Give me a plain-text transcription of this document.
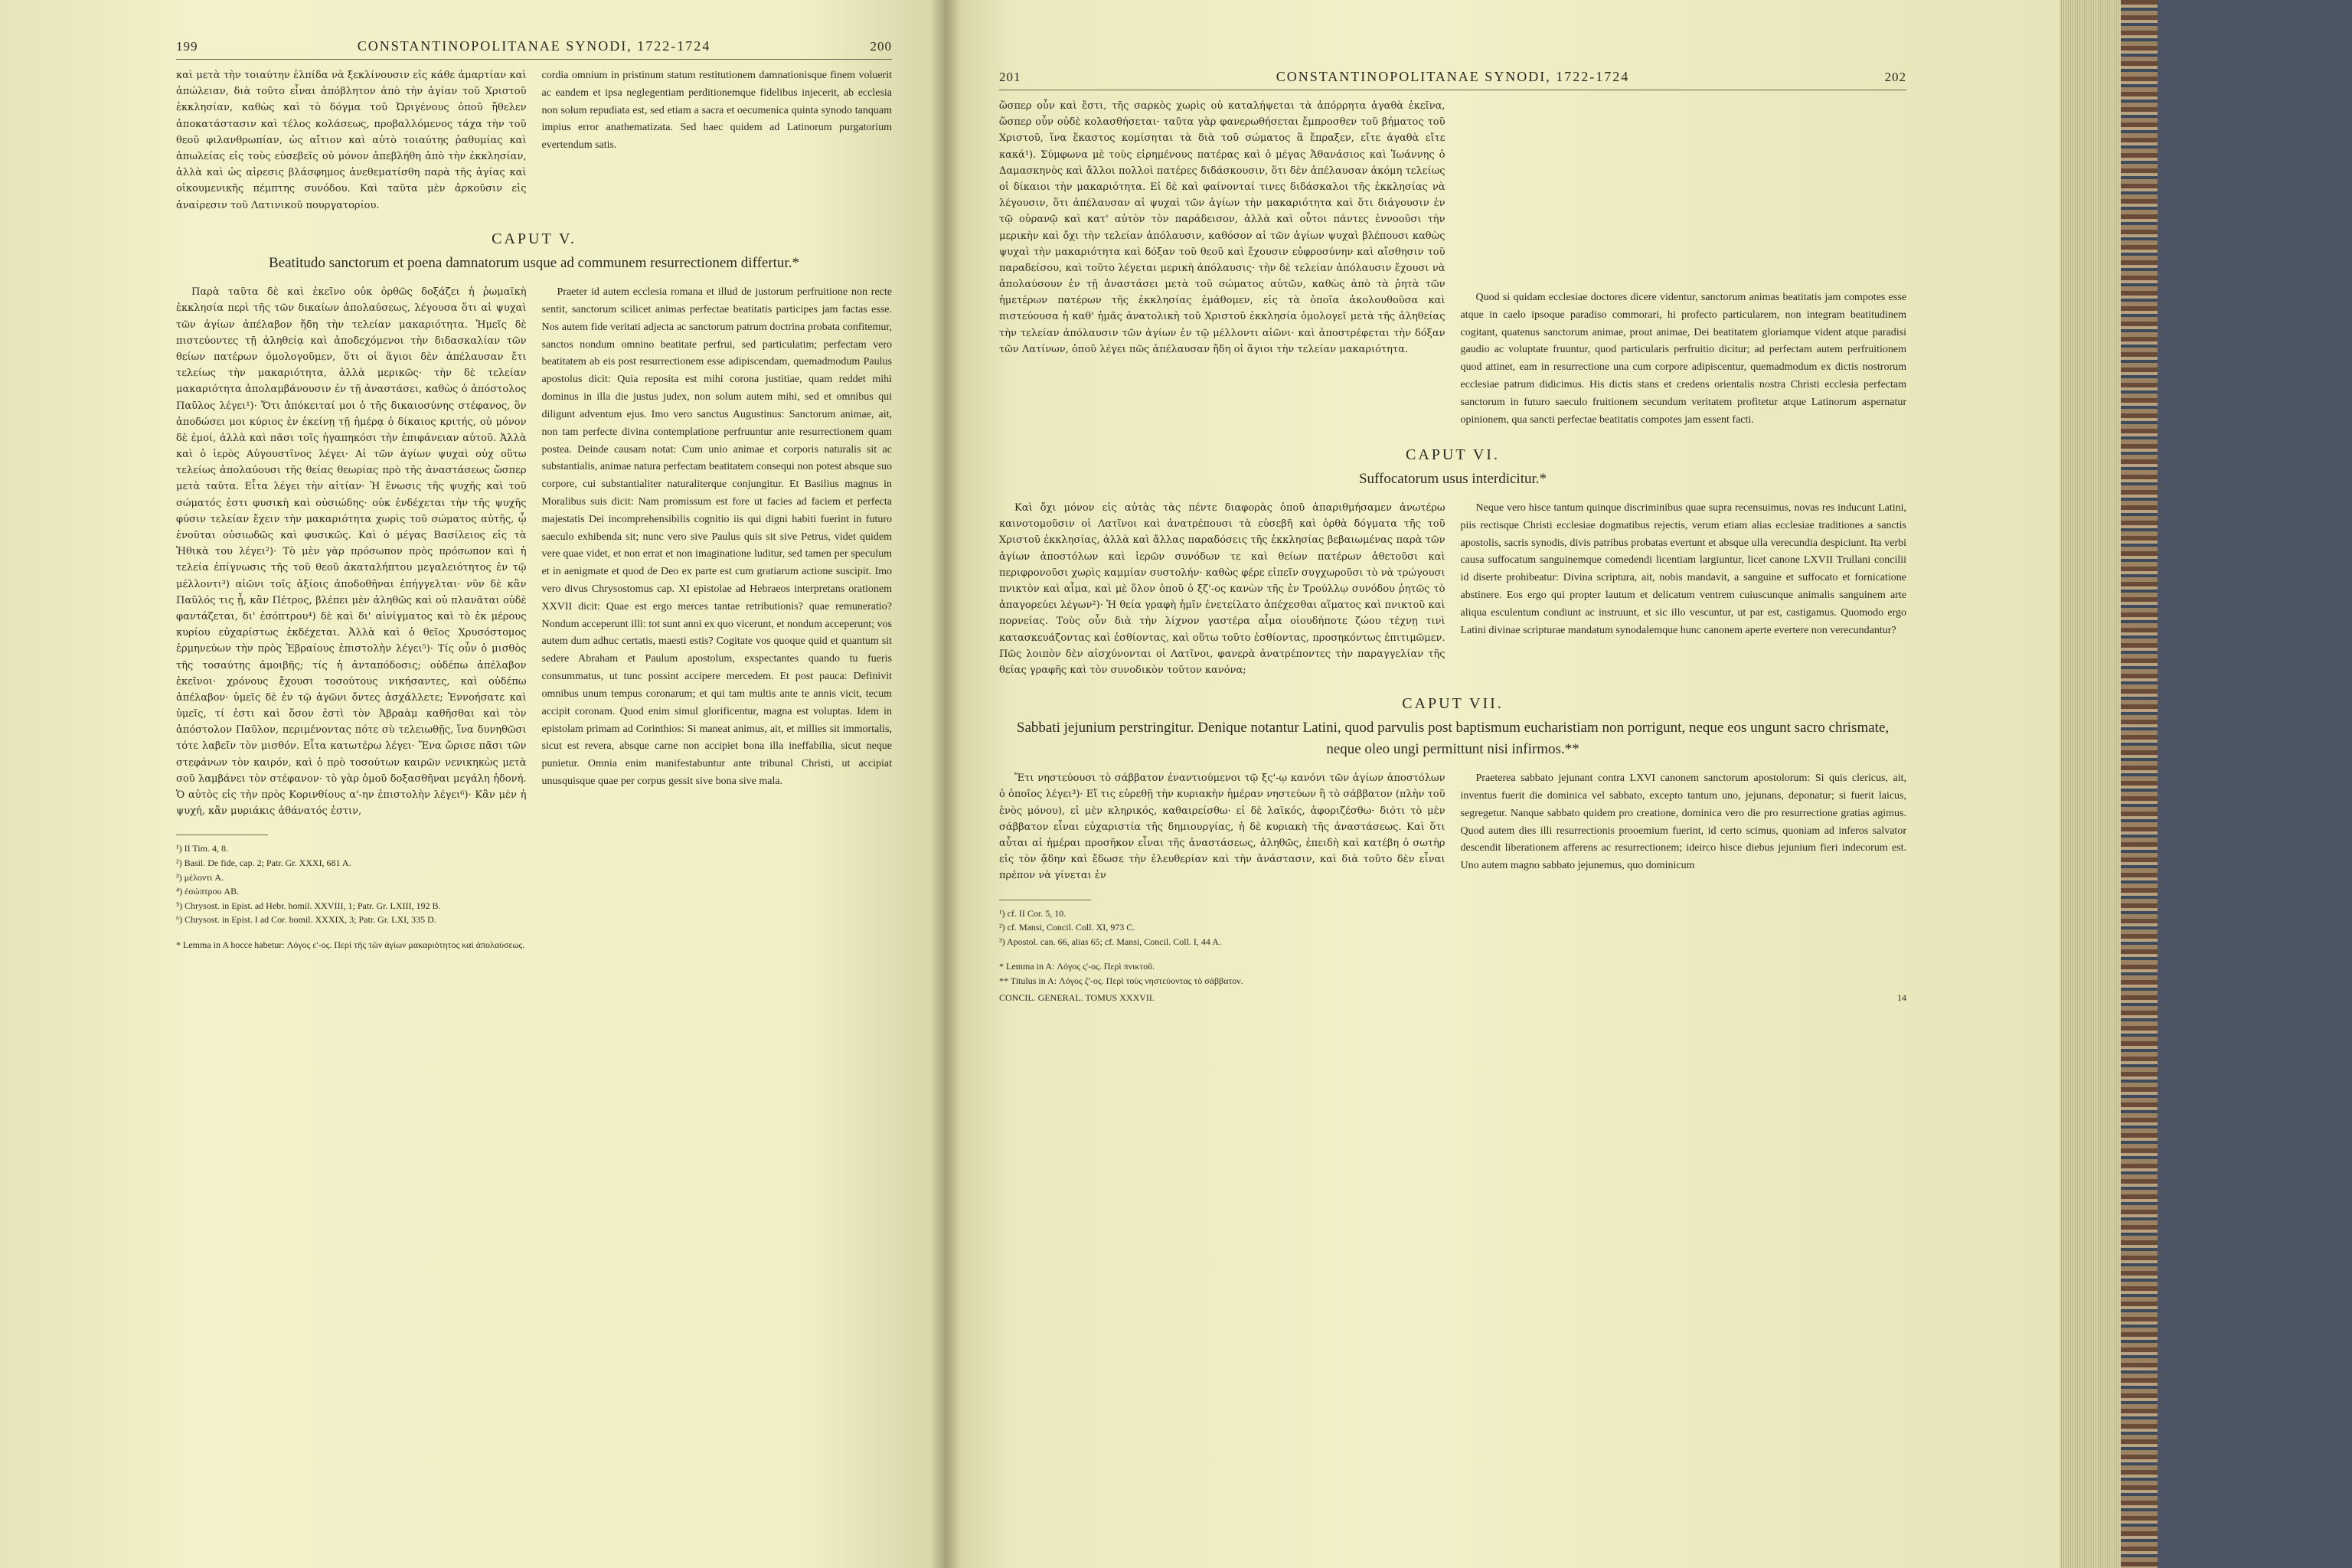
199	CONSTANTINOPOLITANAE SYNODI, 1722-1724	200

καὶ μετὰ τὴν τοιαύτην ἐλπίδα νὰ ξεκλίνουσιν εἰς κάθε ἁμαρτίαν καὶ ἀπώλειαν, διὰ τοῦτο εἶναι ἀπόβλητον ἀπὸ τὴν ἁγίαν τοῦ Χριστοῦ ἐκκλησίαν, καθὼς καὶ τὸ δόγμα τοῦ Ὠριγένους ὁποῦ ἤθελεν ἀποκατάστασιν καὶ τέλος κολάσεως, προβαλλόμενος τάχα τὴν τοῦ θεοῦ φιλανθρωπίαν, ὡς αἴτιον καὶ αὐτὸ τοιαύτης ῥαθυμίας καὶ ἀπωλείας εἰς τοὺς εὐσεβεῖς οὐ μόνον ἀπεβλήθη ἀπὸ τὴν ἐκκλησίαν, ἀλλὰ καὶ ὡς αἱρεσις βλάσφημος ἀνεθεματίσθη παρὰ τῆς ἁγίας καὶ οἰκουμενικῆς πέμπτης συνόδου. Καὶ ταῦτα μὲν ἀρκοῦσιν εἰς ἀναίρεσιν τοῦ Λατινικοῦ πουργατορίου.

cordia omnium in pristinum statum restitutionem damnationisque finem voluerit ac eandem et ipsa neglegentiam perditionemque fidelibus injecerit, ab ecclesia non solum repudiata est, sed etiam a sacra et oecumenica quinta synodo tanquam impius error anathematizata. Sed haec quidem ad Latinorum purgatorium evertendum satis.

CAPUT V.
Beatitudo sanctorum et poena damnatorum usque ad communem resurrectionem differtur.*

Παρὰ ταῦτα δὲ καὶ ἐκεῖνο οὐκ ὀρθῶς δοξάζει ἡ ῥωμαϊκὴ ἐκκλησία περὶ τῆς τῶν δικαίων ἀπολαύσεως, λέγουσα ὅτι αἱ ψυχαὶ τῶν ἁγίων ἀπέλαβον ἤδη τὴν τελείαν μακαριότητα. Ἡμεῖς δὲ πιστεύοντες τῇ ἀληθείᾳ καὶ ἀποδεχόμενοι τὴν διδασκαλίαν τῶν θείων πατέρων ὁμολογοῦμεν, ὅτι οἱ ἅγιοι δὲν ἀπέλαυσαν ἔτι τελείως τὴν μακαριότητα, ἀλλὰ μερικῶς· τὴν δὲ τελείαν μακαριότητα ἀπολαμβάνουσιν ἐν τῇ ἀναστάσει, καθὼς ὁ ἀπόστολος Παῦλος λέγει¹)· Ὅτι ἀπόκειταί μοι ὁ τῆς δικαιοσύνης στέφανος, ὃν ἀποδώσει μοι κύριος ἐν ἐκείνῃ τῇ ἡμέρᾳ ὁ δίκαιος κριτής, οὐ μόνον δὲ ἐμοί, ἀλλὰ καὶ πᾶσι τοῖς ἠγαπηκόσι τὴν ἐπιφάνειαν αὐτοῦ. Ἀλλὰ καὶ ὁ ἱερὸς Αὐγουστῖνος λέγει· Αἱ τῶν ἁγίων ψυχαὶ οὐχ οὕτω τελείως ἀπολαύουσι τῆς θείας θεωρίας πρὸ τῆς ἀναστάσεως ὥσπερ μετὰ ταῦτα. Εἶτα λέγει τὴν αἰτίαν· Ἡ ἕνωσις τῆς ψυχῆς καὶ τοῦ σώματός ἐστι φυσικὴ καὶ οὐσιώδης· οὐκ ἐνδέχεται τὴν τῆς ψυχῆς φύσιν τελείαν ἔχειν τὴν μακαριότητα χωρὶς τοῦ σώματος αὐτῆς, ᾧ ἑνοῦται οὐσιωδῶς καὶ φυσικῶς. Καὶ ὁ μέγας Βασίλειος εἰς τὰ Ἠθικὰ του λέγει²)· Τὸ μὲν γὰρ πρόσωπον πρὸς πρόσωπον καὶ ἡ τελεία ἐπίγνωσις τῆς τοῦ θεοῦ ἀκαταλήπτου μεγαλειότητος ἐν τῷ μέλλοντι³) αἰῶνι τοῖς ἀξίοις ἀποδοθῆναι ἐπήγγελται· νῦν δὲ κἂν Παῦλός τις ᾖ, κἂν Πέτρος, βλέπει μὲν ἀληθῶς καὶ οὐ πλανᾶται οὐδὲ φαντάζεται, δι' ἐσόπτρου⁴) δὲ καὶ δι' αἰνίγματος καὶ τὸ ἐκ μέρους κυρίου εὐχαρίστως ἐκδέχεται. Ἀλλὰ καὶ ὁ θεῖος Χρυσόστομος ἑρμηνεύων τὴν πρὸς Ἑβραίους ἐπιστολὴν λέγει⁵)· Τίς οὖν ὁ μισθὸς τῆς τοσαύτης ἀμοιβῆς; τίς ἡ ἀνταπόδοσις; οὐδέπω ἀπέλαβον ἐκεῖνοι· χρόνους ἔχουσι τοσούτους νικήσαντες, καὶ οὐδέπω ἀπέλαβον· ὑμεῖς δὲ ἐν τῷ ἀγῶνι ὄντες ἀσχάλλετε; Ἐννοήσατε καὶ ὑμεῖς, τί ἐστι καὶ ὅσον ἐστὶ τὸν Ἀβραὰμ καθῆσθαι καὶ τὸν ἀπόστολον Παῦλον, περιμένοντας πότε σὺ τελειωθῇς, ἵνα δυνηθῶσι τότε λαβεῖν τὸν μισθόν. Εἶτα κατωτέρω λέγει· Ἕνα ὥρισε πᾶσι τῶν στεφάνων τὸν καιρόν, καὶ ὁ πρὸ τοσούτων καιρῶν νενικηκὼς μετὰ σοῦ λαμβάνει τὸν στέφανον· τὸ γὰρ ὁμοῦ δοξασθῆναι μεγάλη ἡδονή. Ὁ αὐτὸς εἰς τὴν πρὸς Κορινθίους α'-ην ἐπιστολὴν λέγει⁶)· Κἂν μὲν ἡ ψυχή, κἂν μυριάκις ἀθάνατός ἐστιν,

Praeter id autem ecclesia romana et illud de justorum perfruitione non recte sentit, sanctorum scilicet animas perfectae beatitatis participes jam factas esse. Nos autem fide veritati adjecta ac sanctorum patrum doctrina probata confitemur, sanctos nondum omnino beatitate perfrui, sed particulatim; perfectam vero beatitatem ab eis post resurrectionem esse adipiscendam, quemadmodum Paulus apostolus dicit: Quia reposita est mihi corona justitiae, quam reddet mihi dominus in illa die justus judex, non solum autem mihi, sed et omnibus qui diligunt adventum ejus. Imo vero sanctus Augustinus: Sanctorum animae, ait, non tam perfecte divina contemplatione perfruuntur ante resurrectionem quam postea. Deinde causam notat: Cum unio animae et corporis naturalis sit ac substantialis, animae natura perfectam beatitatem consequi non potest absque suo corpore, cui substantialiter naturaliterque conjungitur. Et Basilius magnus in Moralibus suis dicit: Nam promissum est fore ut facies ad faciem et perfecta majestatis Dei incomprehensibilis cognitio iis qui digni habiti fuerint in futuro saeculo exhibenda sit; nunc vero sive Paulus quis sit sive Petrus, videt quidem vere quae videt, et non errat et non imaginatione luditur, sed tamen per speculum et in aenigmate et quod de Deo ex parte est cum gratiarum actione suscipit. Imo vero divus Chrysostomus cap. XI epistolae ad Hebraeos interpretans orationem XXVII dicit: Quae est ergo merces tantae retributionis? quae remuneratio? Nondum acceperunt illi: tot sunt anni ex quo vicerunt, et nondum acceperunt; vos autem dum adhuc certatis, maesti estis? Cogitate vos quoque quid et quantum sit sedere Abraham et Paulum apostolum, exspectantes quando tu fueris consummatus, ut tunc possint accipere mercedem. Et post pauca: Definivit omnibus unum tempus coronarum; et qui tam multis ante te annis vicit, tecum accipit coronam. Quod enim simul glorificentur, magna est voluptas. Idem in epistolam primam ad Corinthios: Si maneat animus, ait, et millies sit immortalis, sicut est revera, absque carne non accipiet bona illa ineffabilia, sicut neque punietur. Omnia enim manifestabuntur ante tribunal Christi, ut accipiat unusquisque quae per corpus gessit sive bona sive mala.

¹) II Tim. 4, 8.
²) Basil. De fide, cap. 2; Patr. Gr. XXXI, 681 A.
³) μέλοντι A.
⁴) ἐσώπτρου AB.
⁵) Chrysost. in Epist. ad Hebr. homil. XXVIII, 1; Patr. Gr. LXIII, 192 B.
⁶) Chrysost. in Epist. I ad Cor. homil. XXXIX, 3; Patr. Gr. LXI, 335 D.
* Lemma in A hocce habetur: Λόγος ε'-ος. Περὶ τῆς τῶν ἁγίων μακαριότητος καὶ ἀπολαύσεως.
201	CONSTANTINOPOLITANAE SYNODI, 1722-1724	202

ὥσπερ οὖν καὶ ἔστι, τῆς σαρκὸς χωρὶς οὐ καταλήψεται τὰ ἀπόρρητα ἀγαθὰ ἐκεῖνα, ὥσπερ οὖν οὐδὲ κολασθήσεται· ταῦτα γὰρ φανερωθήσεται ἔμπροσθεν τοῦ βήματος τοῦ Χριστοῦ, ἵνα ἕκαστος κομίσηται τὰ διὰ τοῦ σώματος ἃ ἔπραξεν, εἴτε ἀγαθὰ εἴτε κακά¹). Σύμφωνα μὲ τοὺς εἰρημένους πατέρας καὶ ὁ μέγας Ἀθανάσιος καὶ Ἰωάννης ὁ Δαμασκηνὸς καὶ ἄλλοι πολλοὶ πατέρες διδάσκουσιν, ὅτι δὲν ἀπέλαυσαν ἀκόμη τελείως οἱ δίκαιοι τὴν μακαριότητα. Εἰ δὲ καὶ φαίνονταί τινες διδάσκαλοι τῆς ἐκκλησίας νὰ λέγουσιν, ὅτι ἀπέλαυσαν αἱ ψυχαὶ τῶν ἁγίων τὴν μακαριότητα καὶ ὅτι διάγουσιν ἐν τῷ οὐρανῷ καὶ κατ' αὐτὸν τὸν παράδεισον, ἀλλὰ καὶ οὗτοι πάντες ἐννοοῦσι τὴν μερικὴν καὶ ὄχι τὴν τελείαν ἀπόλαυσιν, καθόσον αἱ τῶν ἁγίων ψυχαὶ βλέπουσι καθὼς ψυχαὶ τὴν μακαριότητα καὶ δόξαν τοῦ θεοῦ καὶ ἔχουσιν εὐφροσύνην καὶ αἴσθησιν τοῦ παραδείσου, καὶ τοῦτο λέγεται μερικὴ ἀπόλαυσις· τὴν δὲ τελείαν ἀπόλαυσιν ἔχουσι νὰ ἀπολαύσουν ἐν τῇ ἀναστάσει μετὰ τοῦ σώματος αὐτῶν, καθὼς ἀπὸ τὰ ῥητὰ τῶν ἡμετέρων πατέρων τῆς ἐκκλησίας ἐμάθομεν, εἰς τὰ ὁποῖα ἀκολουθοῦσα καὶ πιστεύουσα ἡ καθ' ἡμᾶς ἀνατολικὴ τοῦ Χριστοῦ ἐκκλησία ὁμολογεῖ μετὰ τῆς ἀληθείας τὴν τελείαν ἀπόλαυσιν τῶν ἁγίων ἐν τῷ μέλλοντι αἰῶνι· καὶ ἀποστρέφεται τὴν δόξαν τῶν Λατίνων, ὁποῦ λέγει πῶς ἀπέλαυσαν ἤδη οἱ ἅγιοι τὴν τελείαν μακαριότητα.

Quod si quidam ecclesiae doctores dicere videntur, sanctorum animas beatitatis jam compotes esse atque in caelo ipsoque paradiso commorari, hi profecto particularem, non integram beatitudinem cogitant, quatenus sanctorum animae, prout animae, Dei beatitatem gloriamque vident atque paradisi gaudio ac voluptate fruuntur, quod particularis perfruitio dicitur; ad perfectam autem perfruitionem quod attinet, eam in resurrectione una cum corpore adipiscentur, quemadmodum ex dictis nostrorum ecclesiae patrum didicimus. His dictis stans et credens orientalis nostra Christi ecclesia perfectam sanctorum in futuro saeculo fruitionem secundum veritatem profitetur atque Latinorum aspernatur opinionem, qua sancti perfectae beatitatis compotes jam essent facti.

CAPUT VI.
Suffocatorum usus interdicitur.*

Καὶ ὄχι μόνον εἰς αὐτὰς τὰς πέντε διαφορὰς ὁποῦ ἀπαριθμήσαμεν ἀνωτέρω καινοτομοῦσιν οἱ Λατῖνοι καὶ ἀνατρέπουσι τὰ εὐσεβῆ καὶ ὀρθὰ δόγματα τῆς τοῦ Χριστοῦ ἐκκλησίας, ἀλλὰ καὶ ἄλλας παραδόσεις τῆς ἐκκλησίας βεβαιωμένας παρὰ τῶν ἁγίων ἀποστόλων καὶ ἱερῶν συνόδων τε καὶ θείων πατέρων ἀθετοῦσι καὶ περιφρονοῦσι χωρὶς καμμίαν συστολήν· καθὼς φέρε εἰπεῖν συγχωροῦσι τὸ νὰ τρώγουσι πνικτὸν καὶ αἷμα, καὶ μὲ ὅλον ὁποῦ ὁ ξζ'-ος κανὼν τῆς ἐν Τρούλλῳ συνόδου ῥητῶς τὸ ἀπαγορεύει λέγων²)· Ἡ θεία γραφὴ ἡμῖν ἐνετείλατο ἀπέχεσθαι αἵματος καὶ πνικτοῦ καὶ πορνείας. Τοὺς οὖν διὰ τὴν λίχνον γαστέρα αἷμα οἱουδήποτε ζώου τέχνῃ τινὶ κατασκευάζοντας καὶ ἐσθίοντας, καὶ οὕτω τοῦτο ἐσθίοντας, προσηκόντως ἐπιτιμῶμεν. Πῶς λοιπὸν δὲν αἰσχύνονται οἱ Λατῖνοι, φανερὰ ἀνατρέποντες τὴν παραγγελίαν τῆς θείας γραφῆς καὶ τὸν συνοδικὸν τοῦτον κανόνα;

Neque vero hisce tantum quinque discriminibus quae supra recensuimus, novas res inducunt Latini, piis rectisque Christi ecclesiae dogmatibus rejectis, verum etiam alias ecclesiae traditiones a sanctis apostolis, sacris synodis, divis patribus probatas evertunt et absque ulla verecundia despiciunt. Ita verbi causa suffocatum sanguinemque comedendi licentiam largiuntur, licet canone LXVII Trullani concilii id diserte prohibeatur: Divina scriptura, ait, nobis mandavit, a sanguine et suffocato et fornicatione abstinere. Eos ergo qui propter lautum et delicatum ventrem cuiuscunque animalis sanguinem arte aliqua esculentum condiunt ac instruunt, et sic illo vescuntur, ut par est, castigamus. Quomodo ergo Latini divinae scripturae mandatum synodalemque hunc canonem aperte evertere non verecundantur?

CAPUT VII.
Sabbati jejunium perstringitur. Denique notantur Latini, quod parvulis post baptismum eucharistiam non porrigunt, neque eos ungunt sacro chrismate, neque oleo ungi permittunt nisi infirmos.**

Ἔτι νηστεύουσι τὸ σάββατον ἐναντιούμενοι τῷ ξς'-ῳ κανόνι τῶν ἁγίων ἀποστόλων ὁ ὁποῖος λέγει³)· Εἴ τις εὑρεθῇ τὴν κυριακὴν ἡμέραν νηστεύων ἢ τὸ σάββατον (πλὴν τοῦ ἑνὸς μόνου), εἰ μὲν κληρικός, καθαιρείσθω· εἰ δὲ λαϊκός, ἀφοριζέσθω· διότι τὸ μὲν σάββατον εἶναι εὐχαριστία τῆς δημιουργίας, ἡ δὲ κυριακὴ τῆς ἀναστάσεως. Καὶ ὅτι αὗται αἱ ἡμέραι προσῆκον εἶναι τῆς ἀναστάσεως, ἀληθῶς, ἐπειδὴ καὶ κατέβη ὁ σωτὴρ εἰς τὸν ᾅδην καὶ ἔδωσε τὴν ἐλευθερίαν καὶ τὴν ἀνάστασιν, καὶ διὰ τοῦτο δὲν εἶναι πρέπον νὰ γίνεται ἐν

Praeterea sabbato jejunant contra LXVI canonem sanctorum apostolorum: Si quis clericus, ait, inventus fuerit die dominica vel sabbato, excepto tantum uno, jejunans, deponatur; si fuerit laicus, segregetur. Nanque sabbato quidem pro creatione, dominica vero die pro resurrectione gratias agimus. Quod autem dies illi resurrectionis prooemium fuerint, id certo scimus, quoniam ad inferos salvator descendit liberationem afferens ac resurrectionem; ideirco hisce diebus jejunium fieri indecorum est. Uno autem magno sabbato jejunemus, quo dominicum

¹) cf. II Cor. 5, 10.
²) cf. Mansi, Concil. Coll. XI, 973 C.
³) Apostol. can. 66, alias 65; cf. Mansi, Concil. Coll. I, 44 A.
* Lemma in A: Λόγος ς'-ος. Περὶ πνικτοῦ.
** Titulus in A: Λόγος ζ'-ος. Περὶ τοὺς νηστεύοντας τὸ σάββατον.
CONCIL. GENERAL. TOMUS XXXVII.	14
